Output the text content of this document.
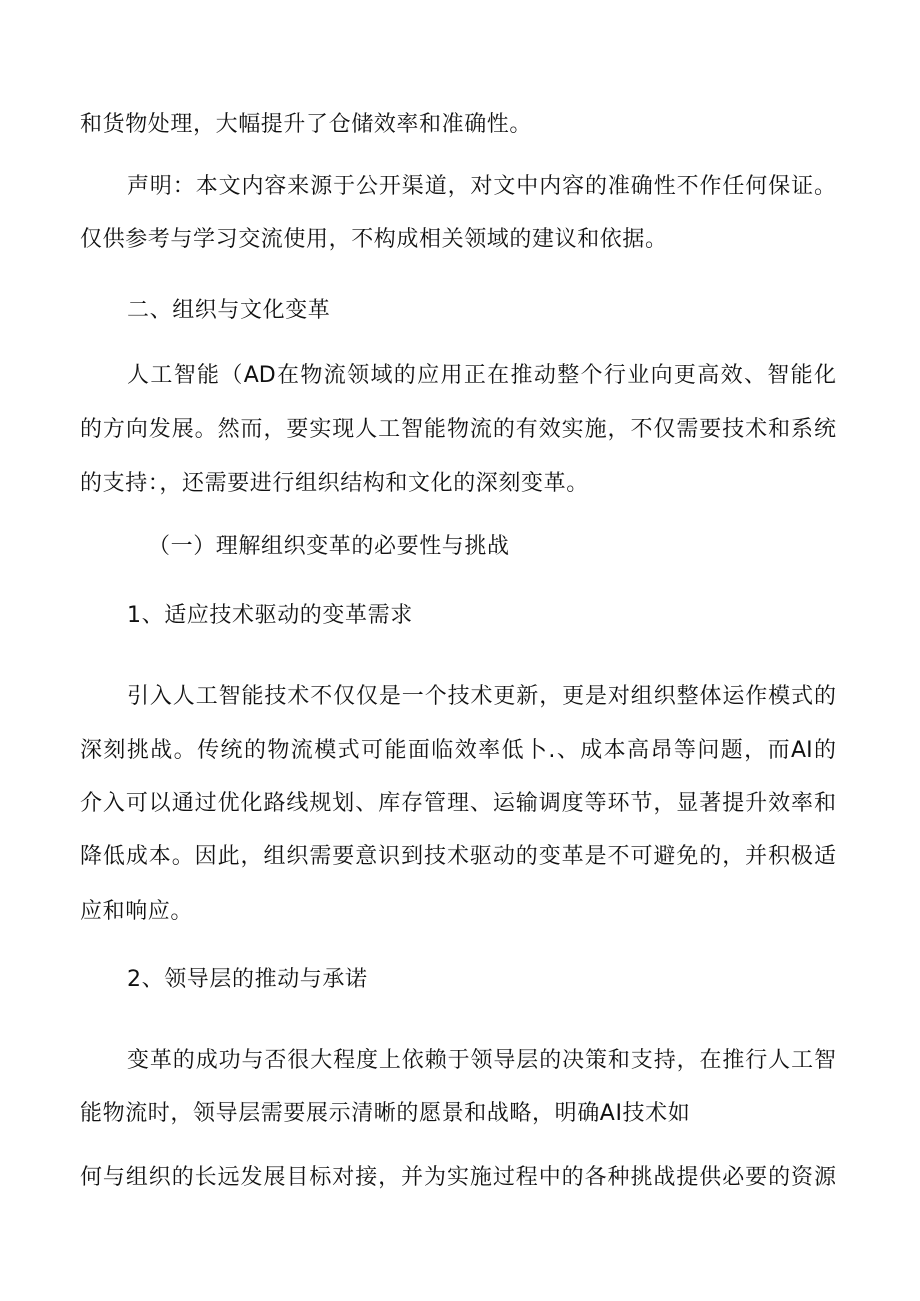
和货物处理，大幅提升了仓储效率和准确性。
声明：本文内容来源于公开渠道，对文中内容的准确性不作任何保证。
仅供参考与学习交流使用，不构成相关领域的建议和依据。
二、组织与文化变革
人工智能（AD在物流领域的应用正在推动整个行业向更高效、智能化
的方向发展。然而，要实现人工智能物流的有效实施，不仅需要技术和系统
的支持：，还需要进行组织结构和文化的深刻变革。
（一）理解组织变革的必要性与挑战
1、适应技术驱动的变革需求
引入人工智能技术不仅仅是一个技术更新，更是对组织整体运作模式的
深刻挑战。传统的物流模式可能面临效率低卜.、成本高昂等问题，而AI的
介入可以通过优化路线规划、库存管理、运输调度等环节，显著提升效率和
降低成本。因此，组织需要意识到技术驱动的变革是不可避免的，并积极适
应和响应。
2、领导层的推动与承诺
变革的成功与否很大程度上依赖于领导层的决策和支持，在推行人工智
能物流时，领导层需要展示清晰的愿景和战略，明确AI技术如
何与组织的长远发展目标对接，并为实施过程中的各种挑战提供必要的资源
